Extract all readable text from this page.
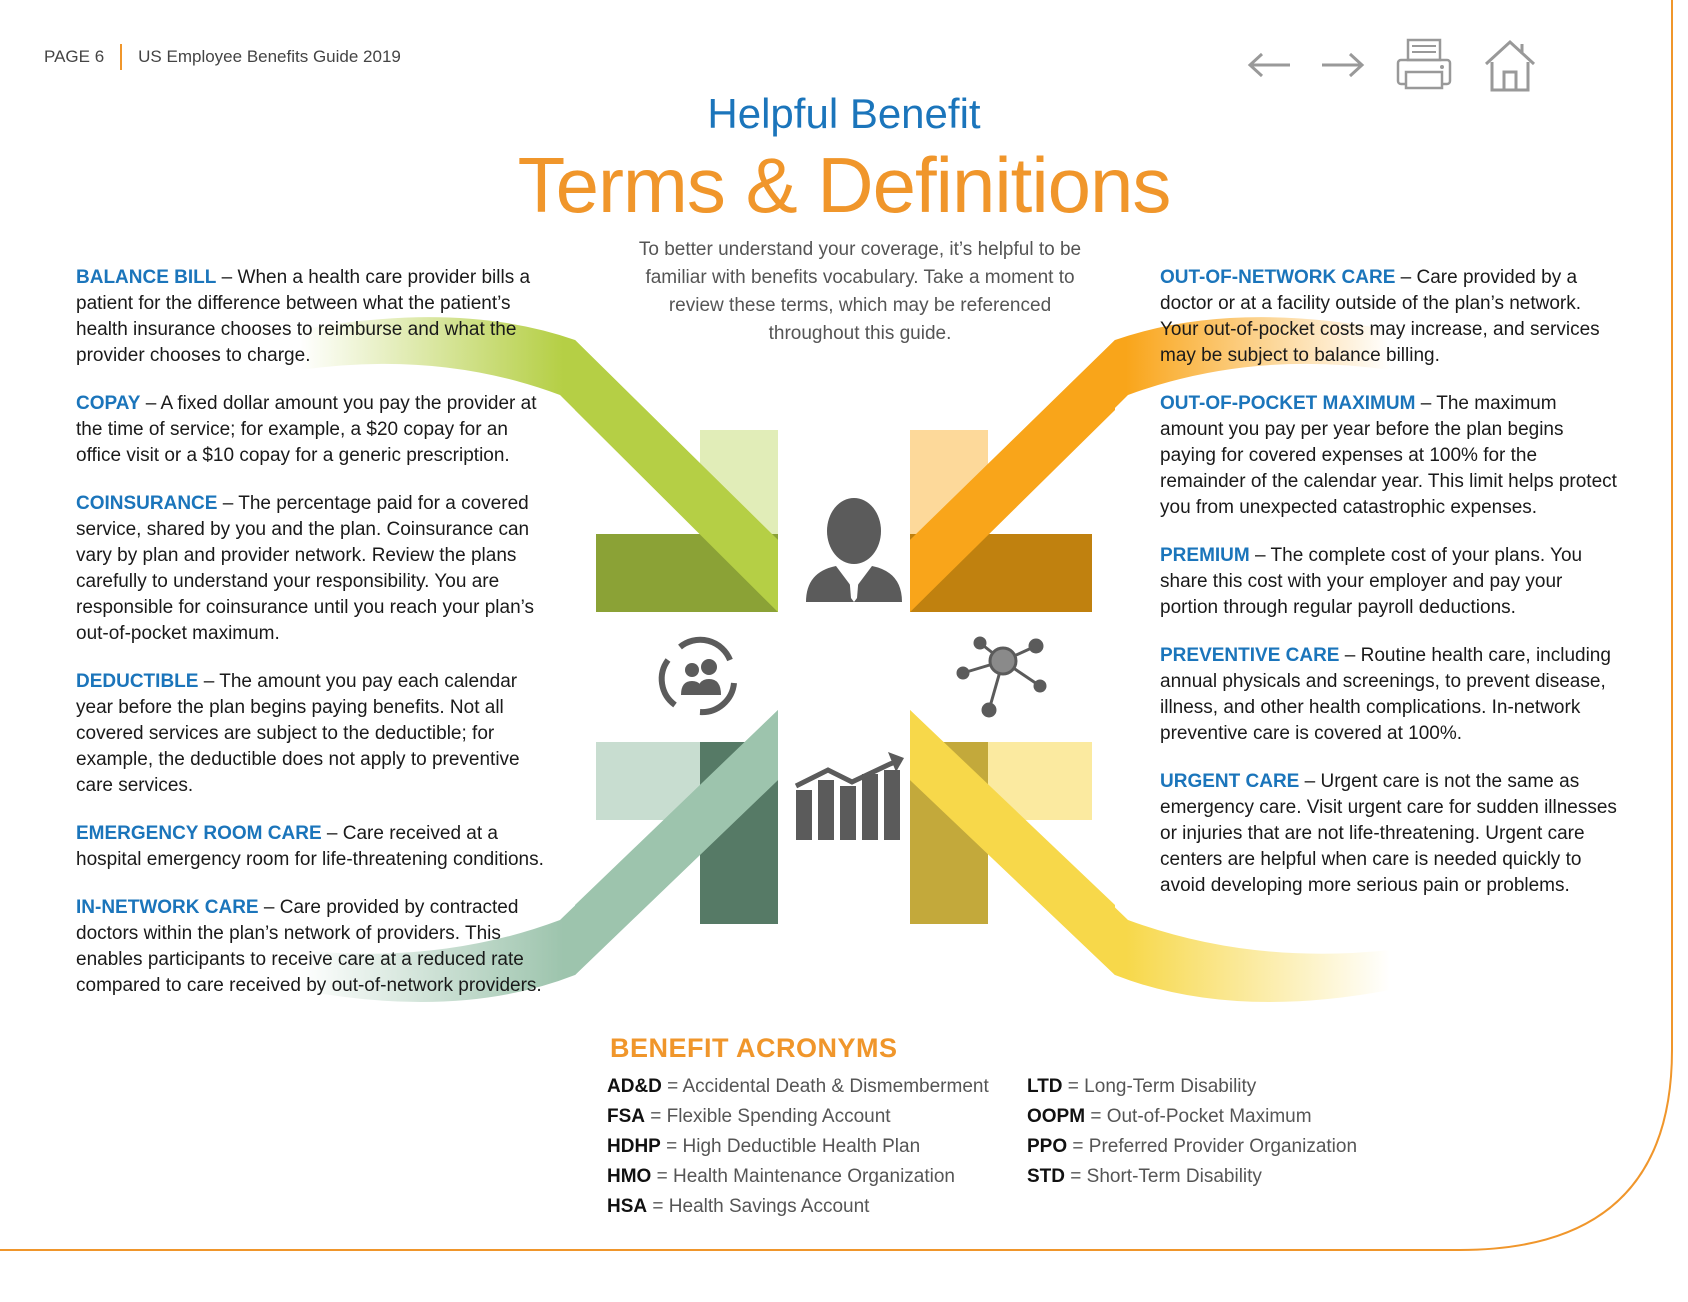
PAGE 6 US Employee Benefits Guide 2019
Helpful Benefit
Terms & Definitions
To better understand your coverage, it’s helpful to be familiar with benefits vocabulary. Take a moment to review these terms, which may be referenced throughout this guide.
BALANCE BILL – When a health care provider bills a patient for the difference between what the patient’s health insurance chooses to reimburse and what the provider chooses to charge.
COPAY – A fixed dollar amount you pay the provider at the time of service; for example, a $20 copay for an office visit or a $10 copay for a generic prescription.
COINSURANCE – The percentage paid for a covered service, shared by you and the plan. Coinsurance can vary by plan and provider network. Review the plans carefully to understand your responsibility. You are responsible for coinsurance until you reach your plan’s out-of-pocket maximum.
DEDUCTIBLE – The amount you pay each calendar year before the plan begins paying benefits. Not all covered services are subject to the deductible; for example, the deductible does not apply to preventive care services.
EMERGENCY ROOM CARE – Care received at a hospital emergency room for life-threatening conditions.
IN-NETWORK CARE – Care provided by contracted doctors within the plan’s network of providers. This enables participants to receive care at a reduced rate compared to care received by out-of-network providers.
OUT-OF-NETWORK CARE – Care provided by a doctor or at a facility outside of the plan’s network. Your out-of-pocket costs may increase, and services may be subject to balance billing.
OUT-OF-POCKET MAXIMUM – The maximum amount you pay per year before the plan begins paying for covered expenses at 100% for the remainder of the calendar year. This limit helps protect you from unexpected catastrophic expenses.
PREMIUM – The complete cost of your plans. You share this cost with your employer and pay your portion through regular payroll deductions.
PREVENTIVE CARE – Routine health care, including annual physicals and screenings, to prevent disease, illness, and other health complications. In-network preventive care is covered at 100%.
URGENT CARE – Urgent care is not the same as emergency care. Visit urgent care for sudden illnesses or injuries that are not life-threatening. Urgent care centers are helpful when care is needed quickly to avoid developing more serious pain or problems.
BENEFIT ACRONYMS
AD&D = Accidental Death & Dismemberment
FSA = Flexible Spending Account
HDHP = High Deductible Health Plan
HMO = Health Maintenance Organization
HSA = Health Savings Account
LTD = Long-Term Disability
OOPM = Out-of-Pocket Maximum
PPO = Preferred Provider Organization
STD = Short-Term Disability
